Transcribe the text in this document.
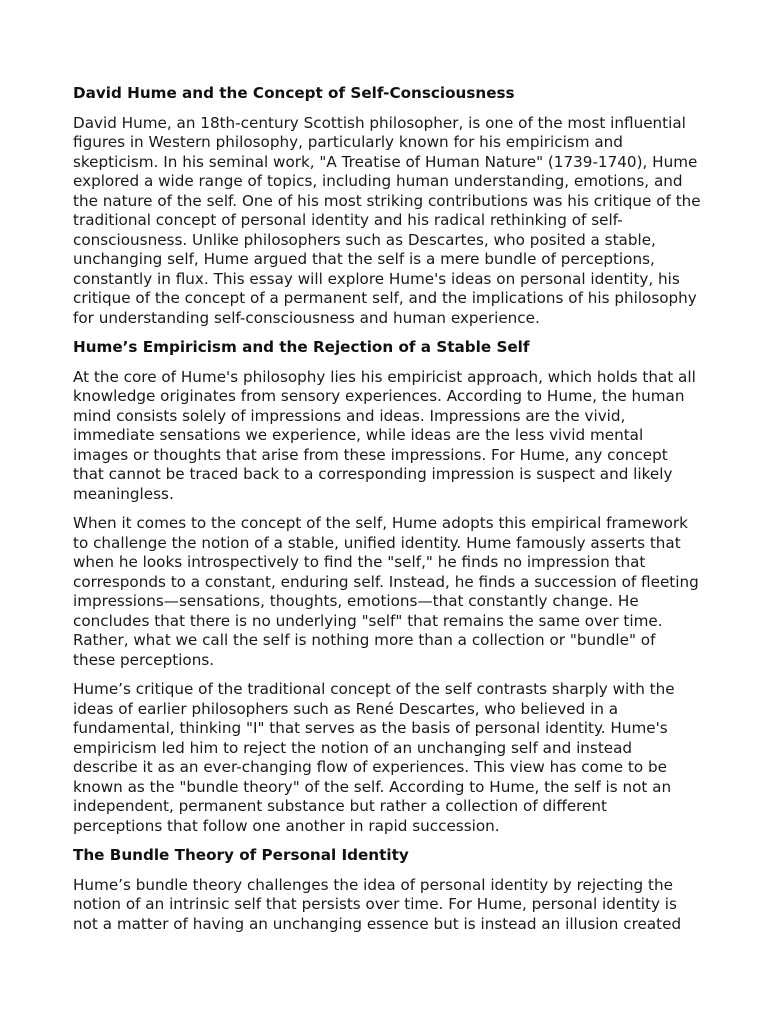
David Hume and the Concept of Self-Consciousness

David Hume, an 18th-century Scottish philosopher, is one of the most influential figures in Western philosophy, particularly known for his empiricism and skepticism. In his seminal work, "A Treatise of Human Nature" (1739-1740), Hume explored a wide range of topics, including human understanding, emotions, and the nature of the self. One of his most striking contributions was his critique of the traditional concept of personal identity and his radical rethinking of self-consciousness. Unlike philosophers such as Descartes, who posited a stable, unchanging self, Hume argued that the self is a mere bundle of perceptions, constantly in flux. This essay will explore Hume's ideas on personal identity, his critique of the concept of a permanent self, and the implications of his philosophy for understanding self-consciousness and human experience.

Hume’s Empiricism and the Rejection of a Stable Self

At the core of Hume's philosophy lies his empiricist approach, which holds that all knowledge originates from sensory experiences. According to Hume, the human mind consists solely of impressions and ideas. Impressions are the vivid, immediate sensations we experience, while ideas are the less vivid mental images or thoughts that arise from these impressions. For Hume, any concept that cannot be traced back to a corresponding impression is suspect and likely meaningless.

When it comes to the concept of the self, Hume adopts this empirical framework to challenge the notion of a stable, unified identity. Hume famously asserts that when he looks introspectively to find the "self," he finds no impression that corresponds to a constant, enduring self. Instead, he finds a succession of fleeting impressions—sensations, thoughts, emotions—that constantly change. He concludes that there is no underlying "self" that remains the same over time. Rather, what we call the self is nothing more than a collection or "bundle" of these perceptions.

Hume’s critique of the traditional concept of the self contrasts sharply with the ideas of earlier philosophers such as René Descartes, who believed in a fundamental, thinking "I" that serves as the basis of personal identity. Hume's empiricism led him to reject the notion of an unchanging self and instead describe it as an ever-changing flow of experiences. This view has come to be known as the "bundle theory" of the self. According to Hume, the self is not an independent, permanent substance but rather a collection of different perceptions that follow one another in rapid succession.

The Bundle Theory of Personal Identity

Hume’s bundle theory challenges the idea of personal identity by rejecting the notion of an intrinsic self that persists over time. For Hume, personal identity is not a matter of having an unchanging essence but is instead an illusion created
